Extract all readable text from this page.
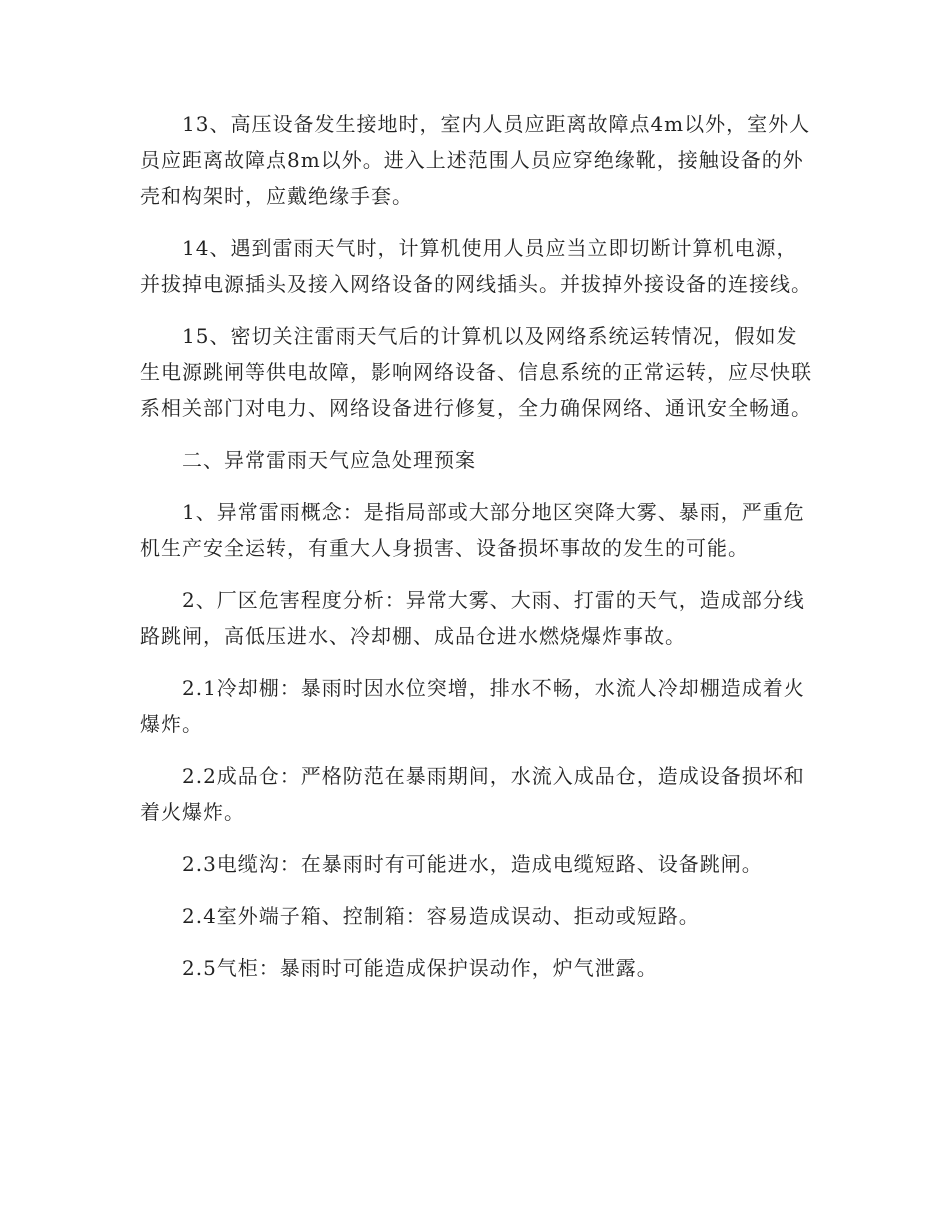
13、高压设备发生接地时，室内人员应距离故障点4m以外，室外人员应距离故障点8m以外。进入上述范围人员应穿绝缘靴，接触设备的外壳和构架时，应戴绝缘手套。

14、遇到雷雨天气时，计算机使用人员应当立即切断计算机电源，并拔掉电源插头及接入网络设备的网线插头。并拔掉外接设备的连接线。

15、密切关注雷雨天气后的计算机以及网络系统运转情况，假如发生电源跳闸等供电故障，影响网络设备、信息系统的正常运转，应尽快联系相关部门对电力、网络设备进行修复，全力确保网络、通讯安全畅通。

二、异常雷雨天气应急处理预案

1、异常雷雨概念：是指局部或大部分地区突降大雾、暴雨，严重危机生产安全运转，有重大人身损害、设备损坏事故的发生的可能。

2、厂区危害程度分析：异常大雾、大雨、打雷的天气，造成部分线路跳闸，高低压进水、冷却棚、成品仓进水燃烧爆炸事故。

2.1冷却棚：暴雨时因水位突增，排水不畅，水流人冷却棚造成着火爆炸。

2.2成品仓：严格防范在暴雨期间，水流入成品仓，造成设备损坏和着火爆炸。

2.3电缆沟：在暴雨时有可能进水，造成电缆短路、设备跳闸。

2.4室外端子箱、控制箱：容易造成误动、拒动或短路。

2.5气柜：暴雨时可能造成保护误动作，炉气泄露。
